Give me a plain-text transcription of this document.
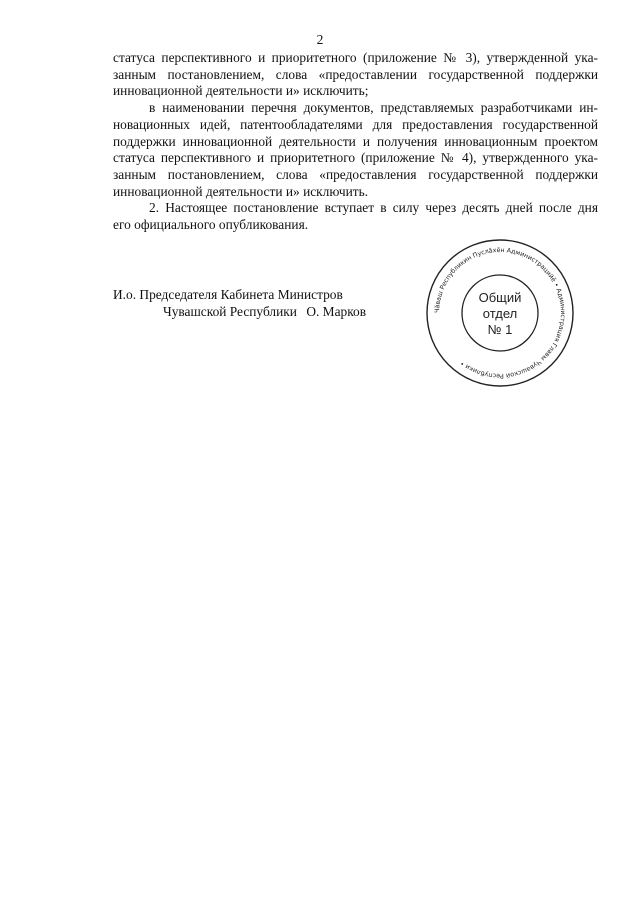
2
статуса перспективного и приоритетного (приложение № 3), утвержденной ука-
занным постановлением, слова «предоставлении государственной поддержки
инновационной деятельности и» исключить;
в наименовании перечня документов, представляемых разработчиками ин-
новационных идей, патентообладателями для предоставления государственной
поддержки инновационной деятельности и получения инновационным проектом
статуса перспективного и приоритетного (приложение № 4), утвержденного ука-
занным постановлением, слова «предоставления государственной поддержки
инновационной деятельности и» исключить.
2. Настоящее постановление вступает в силу через десять дней после дня
его официального опубликования.
И.о. Председателя Кабинета Министров
Чувашской Республики О. Марков	Чăваш Республикин Пуслăхĕн Администрацийĕ • Администрация Главы Чувашской Республики •
Общий
отдел
№ 1
